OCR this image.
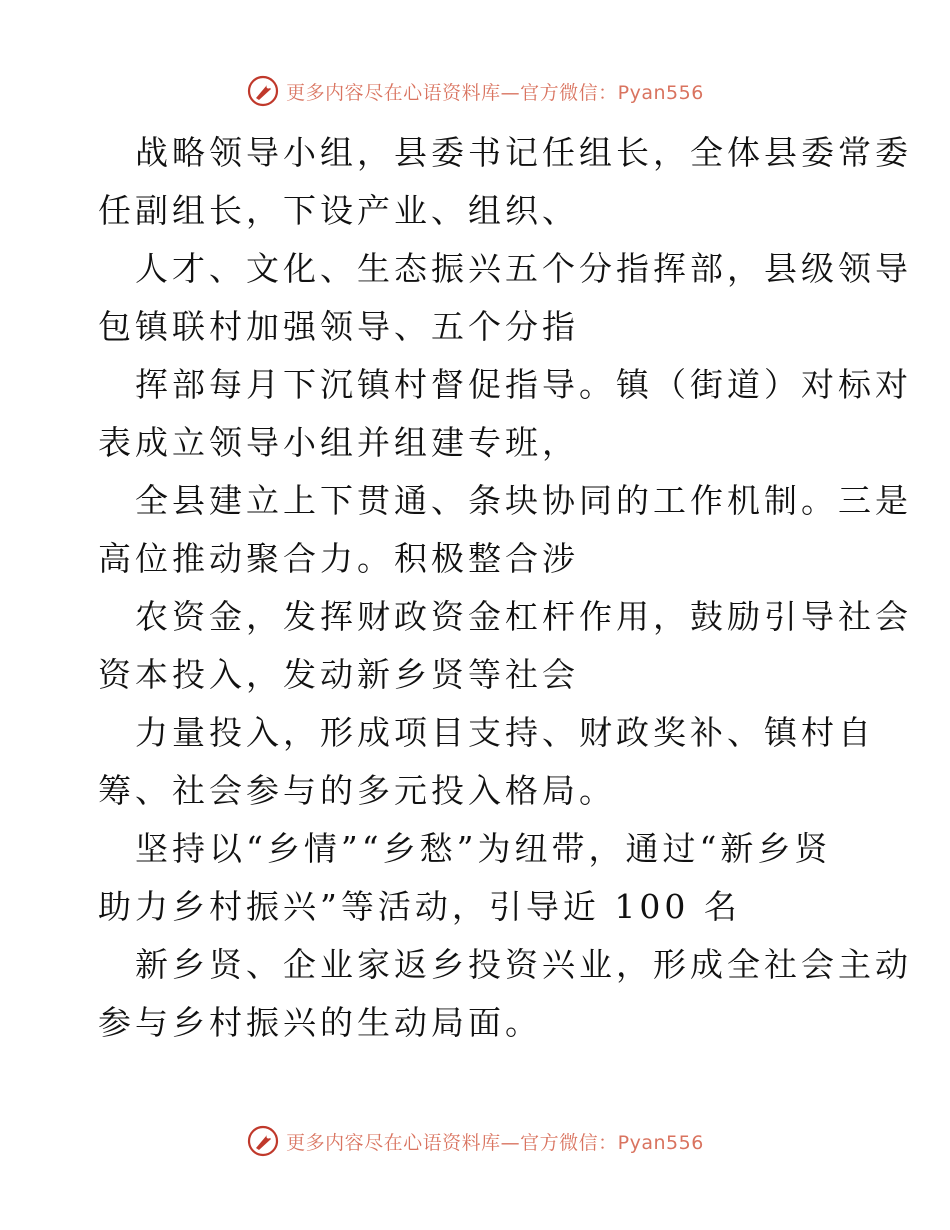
更多内容尽在心语资料库—官方微信：Pyan556

战略领导小组，县委书记任组长，全体县委常委
任副组长，下设产业、组织、

人才、文化、生态振兴五个分指挥部，县级领导
包镇联村加强领导、五个分指

挥部每月下沉镇村督促指导。镇（街道）对标对
表成立领导小组并组建专班，

全县建立上下贯通、条块协同的工作机制。三是
高位推动聚合力。积极整合涉

农资金，发挥财政资金杠杆作用，鼓励引导社会
资本投入，发动新乡贤等社会

力量投入，形成项目支持、财政奖补、镇村自
筹、社会参与的多元投入格局。

坚持以“乡情”“乡愁”为纽带，通过“新乡贤
助力乡村振兴”等活动，引导近 100 名

新乡贤、企业家返乡投资兴业，形成全社会主动
参与乡村振兴的生动局面。

更多内容尽在心语资料库—官方微信：Pyan556
